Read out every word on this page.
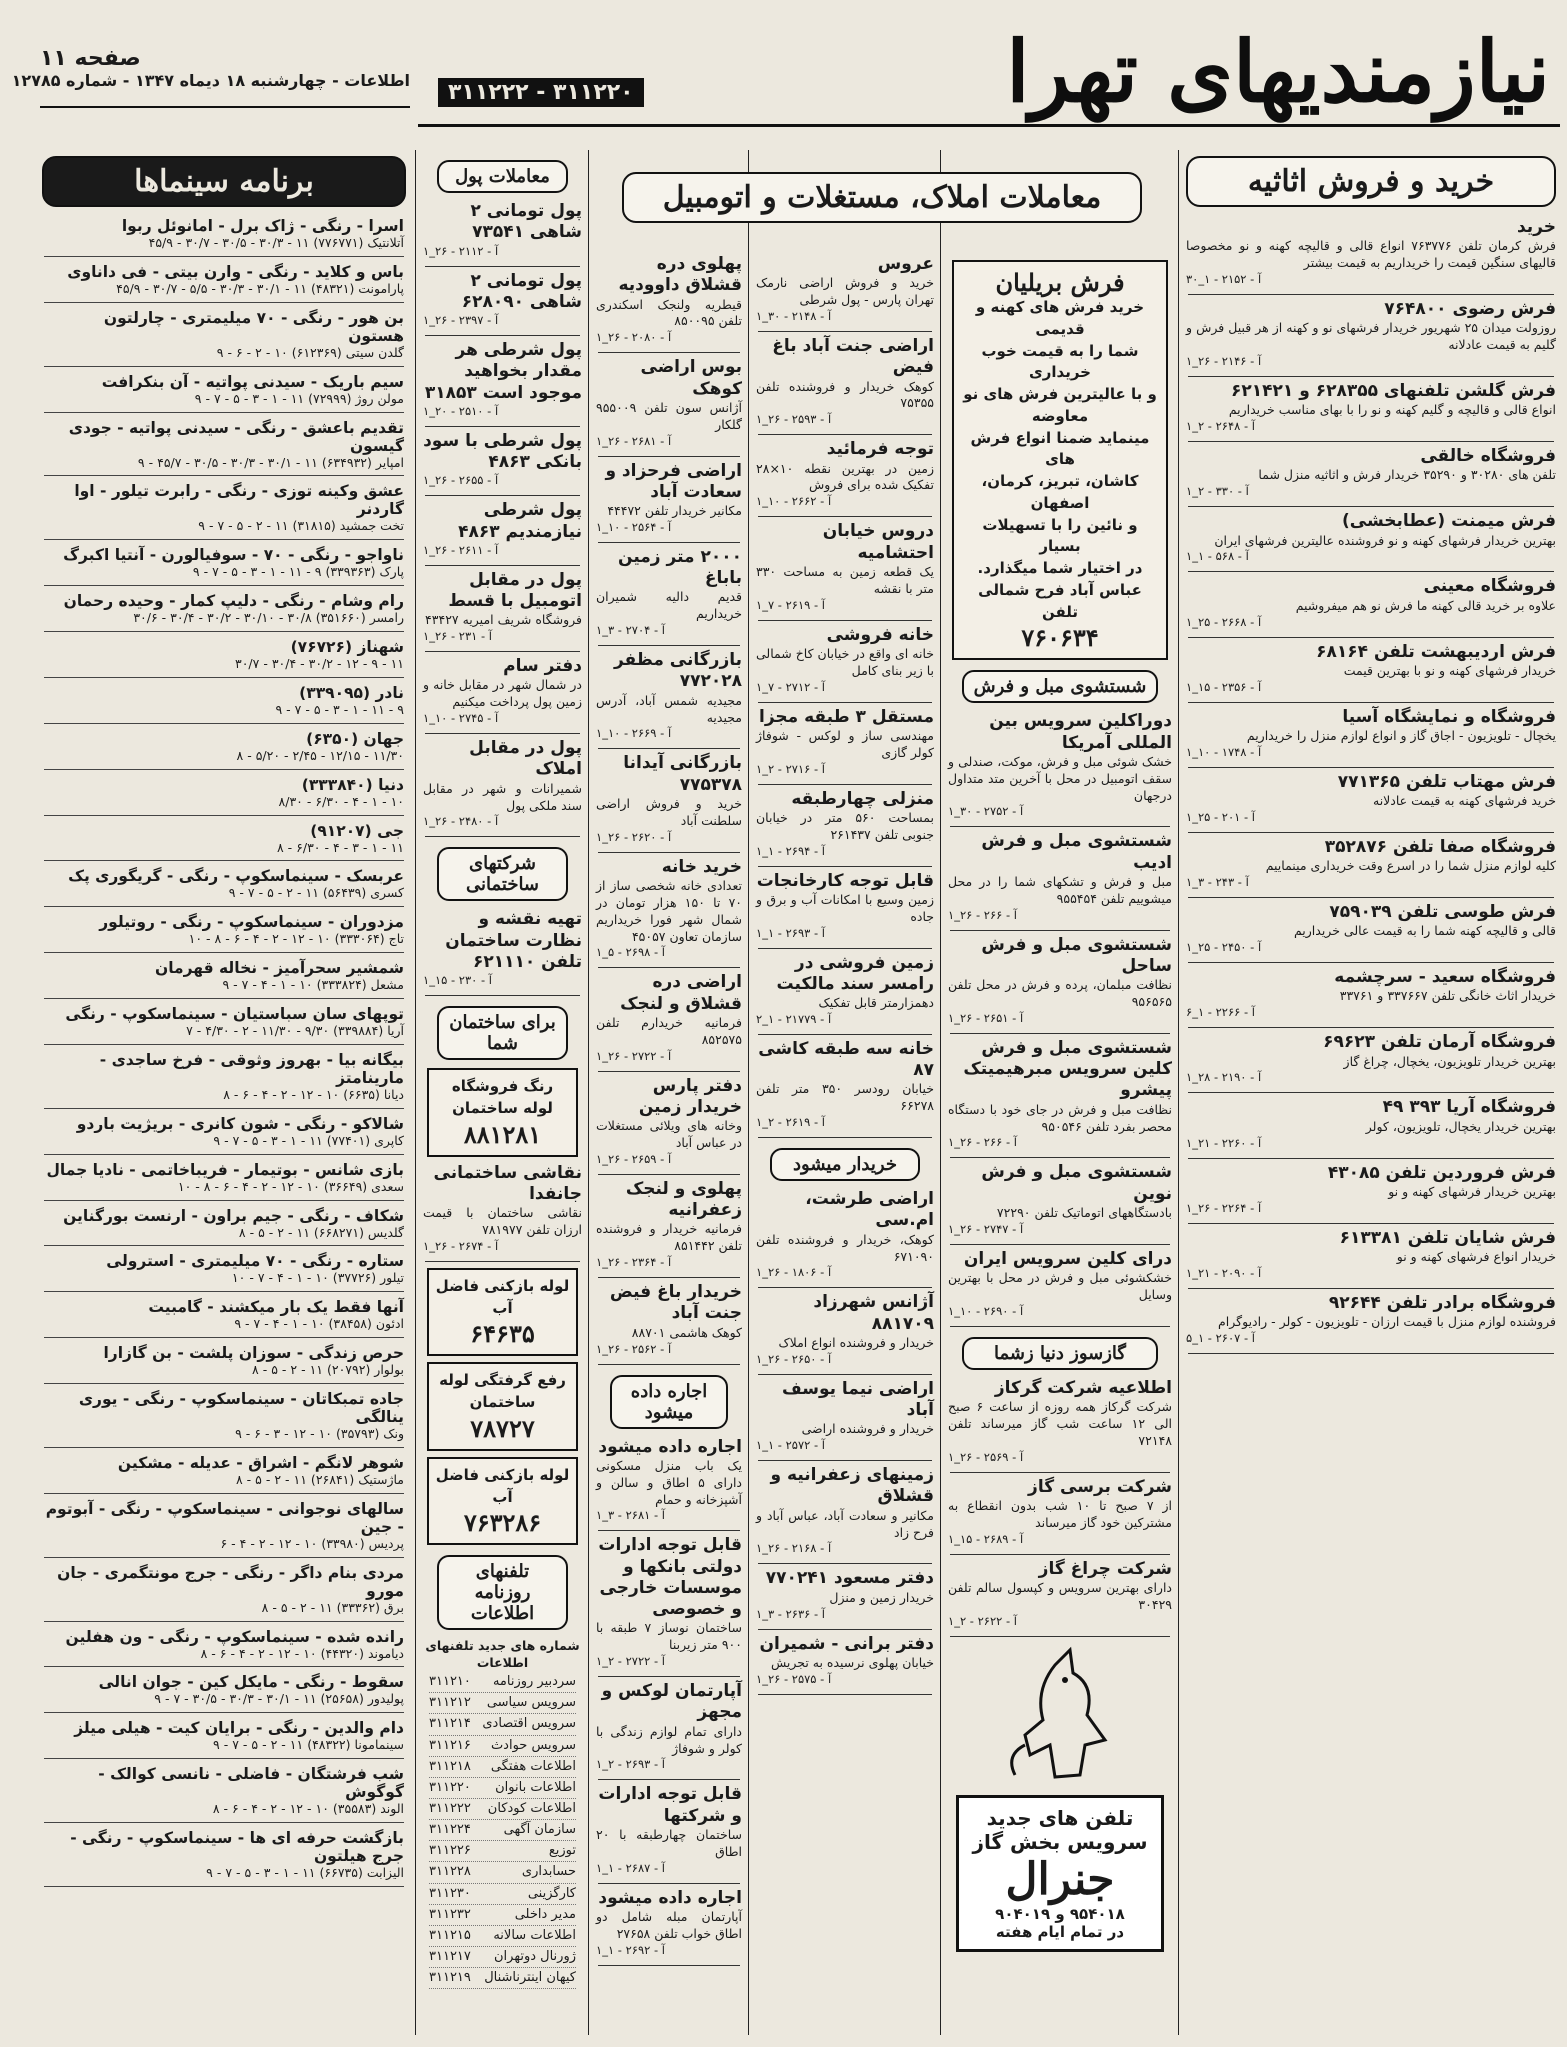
نیازمندیهای تهرا
۳۱۱۲۲۰ - ۳۱۱۲۲۲
صفحه ۱۱
اطلاعات - چهارشنبه ۱۸ دیماه ۱۳۴۷ - شماره ۱۲۷۸۵
خرید و فروش اثاثیه
خرید
فرش کرمان تلفن ۷۶۳۷۷۶ انواع قالی و قالیچه کهنه و نو مخصوصا قالیهای سنگین قیمت را خریداریم به قیمت بیشتر
آ - ۲۱۵۲ - ۱_۳۰
فرش رضوی ۷۶۴۸۰۰
روزولت میدان ۲۵ شهریور خریدار فرشهای نو و کهنه از هر قبیل فرش و گلیم به قیمت عادلانه
آ - ۲۱۴۶ - ۲۶_۱
فرش گلشن تلفنهای ۶۲۸۳۵۵ و ۶۲۱۴۲۱
انواع قالی و قالیچه و گلیم کهنه و نو را با بهای مناسب خریداریم
آ - ۲۶۴۸ - ۲_۱
فروشگاه خالقی
تلفن های ۳۰۲۸۰ و ۳۵۲۹۰ خریدار فرش و اثاثیه منزل شما
آ - ۳۳۰ - ۲_۱
فرش میمنت (عطابخشی)
بهترین خریدار فرشهای کهنه و نو فروشنده عالیترین فرشهای ایران
آ - ۵۶۸ - ۱_۱
فروشگاه معینی
علاوه بر خرید قالی کهنه ما فرش نو هم میفروشیم
آ - ۲۶۶۸ - ۲۵_۱
فرش اردیبهشت تلفن ۶۸۱۶۴
خریدار فرشهای کهنه و نو با بهترین قیمت
آ - ۲۳۵۶ - ۱۵_۱
فروشگاه و نمایشگاه آسیا
یخچال - تلویزیون - اجاق گاز و انواع لوازم منزل را خریداریم
آ - ۱۷۴۸ - ۱۰_۱
فرش مهتاب تلفن ۷۷۱۳۶۵
خرید فرشهای کهنه به قیمت عادلانه
آ - ۲۰۱ - ۲۵_۱
فروشگاه صفا تلفن ۳۵۲۸۷۶
کلیه لوازم منزل شما را در اسرع وقت خریداری مینماییم
آ - ۲۴۳ - ۳_۱
فرش طوسی تلفن ۷۵۹۰۳۹
قالی و قالیچه کهنه شما را به قیمت عالی خریداریم
آ - ۲۴۵۰ - ۲۵_۱
فروشگاه سعید - سرچشمه
خریدار اثاث خانگی تلفن ۳۳۷۶۶۷ و ۳۳۷۶۱
آ - ۲۲۶۶ - ۱_۶
فروشگاه آرمان تلفن ۶۹۶۲۳
بهترین خریدار تلویزیون، یخچال، چراغ گاز
آ - ۲۱۹۰ - ۲۸_۱
فروشگاه آریا ۳۹۳ ۴۹
بهترین خریدار یخچال، تلویزیون، کولر
آ - ۲۲۶۰ - ۲۱_۱
فرش فروردین تلفن ۴۳۰۸۵
بهترین خریدار فرشهای کهنه و نو
آ - ۲۲۶۴ - ۲۶_۱
فرش شایان تلفن ۶۱۳۳۸۱
خریدار انواع فرشهای کهنه و نو
آ - ۲۰۹۰ - ۲۱_۱
فروشگاه برادر تلفن ۹۲۶۴۴
فروشنده لوازم منزل با قیمت ارزان - تلویزیون - کولر - رادیوگرام
آ - ۲۶۰۷ - ۱_۵
فرش بریلیان
خرید فرش های کهنه و قدیمی
شما را به قیمت خوب خریداری
و با عالیترین فرش های نو معاوضه
مینماید ضمنا انواع فرش های
کاشان، تبریز، کرمان، اصفهان
و نائین را با تسهیلات بسیار
در اختیار شما میگذارد.
عباس آباد فرح شمالی تلفن
۷۶۰۶۳۴
شستشوی مبل و فرش
دوراکلین سرویس بین المللی آمریکا
خشک شوئی مبل و فرش، موکت، صندلی و سقف اتومبیل در محل با آخرین متد متداول درجهان
آ - ۲۷۵۲ - ۳۰_۱
شستشوی مبل و فرش ادیب
مبل و فرش و تشکهای شما را در محل میشوییم تلفن ۹۵۵۴۵۴
آ - ۲۶۶ - ۲۶_۱
شستشوی مبل و فرش ساحل
نظافت مبلمان، پرده و فرش در محل تلفن ۹۵۶۵۶۵
آ - ۲۶۵۱ - ۲۶_۱
شستشوی مبل و فرش کلین سرویس مبرهیمیتک پیشرو
نظافت مبل و فرش در جای خود با دستگاه محصر بفرد تلفن ۹۵۰۵۴۶
آ - ۲۶۶ - ۲۶_۱
شستشوی مبل و فرش نوین
بادستگاههای اتوماتیک تلفن ۷۲۲۹۰
آ - ۲۷۴۷ - ۲۶_۱
درای کلین سرویس ایران
خشکشوئی مبل و فرش در محل با بهترین وسایل
آ - ۲۶۹۰ - ۱۰_۱
گازسوز دنیا زشما
اطلاعیه شرکت گرکاز
شرکت گرکاز همه روزه از ساعت ۶ صبح الی ۱۲ ساعت شب گاز میرساند تلفن ۷۲۱۴۸
آ - ۲۵۶۹ - ۲۶_۱
شرکت برسی گاز
از ۷ صبح تا ۱۰ شب بدون انقطاع به مشترکین خود گاز میرساند
آ - ۲۶۸۹ - ۱۵_۱
شرکت چراغ گاز
دارای بهترین سرویس و کپسول سالم تلفن ۳۰۴۲۹
آ - ۲۶۲۲ - ۲_۱
تلفن های جدید سرویس بخش گاز
جنرال
۹۵۴۰۱۸ و ۹۰۴۰۱۹
در تمام ایام هفته
عروس
خرید و فروش اراضی نارمک تهران پارس - پول شرطی
آ - ۲۱۴۸ - ۳۰_۱
اراضی جنت آباد باغ فیض
کوهک خریدار و فروشنده تلفن ۷۵۳۵۵
آ - ۲۵۹۳ - ۲۶_۱
توجه فرمائید
زمین در بهترین نقطه ۱۰×۲۸ تفکیک شده برای فروش
آ - ۲۶۶۲ - ۱۰_۱
دروس خیابان احتشامیه
یک قطعه زمین به مساحت ۳۳۰ متر با نقشه
آ - ۲۶۱۹ - ۷_۱
خانه فروشی
خانه ای واقع در خیابان کاخ شمالی با زیر بنای کامل
آ - ۲۷۱۲ - ۷_۱
مستقل ۳ طبقه مجزا
مهندسی ساز و لوکس - شوفاژ کولر گازی
آ - ۲۷۱۶ - ۲_۱
منزلی چهارطبقه
بمساحت ۵۶۰ متر در خیابان جنوبی تلفن ۲۶۱۴۳۷
آ - ۲۶۹۴ - ۱_۱
قابل توجه کارخانجات
زمین وسیع با امکانات آب و برق و جاده
آ - ۲۶۹۳ - ۱_۱
زمین فروشی در رامسر سند مالکیت
دهمزارمتر قابل تفکیک
آ - ۲۱۷۷۹ - ۱_۲
خانه سه طبقه کاشی ۸۷
خیابان رودسر ۳۵۰ متر تلفن ۶۶۲۷۸
آ - ۲۶۱۹ - ۲_۱
خریدار میشود
اراضی طرشت، ام.سی
کوهک، خریدار و فروشنده تلفن ۶۷۱۰۹۰
آ - ۱۸۰۶ - ۲۶_۱
آژانس شهرزاد ۸۸۱۷۰۹
خریدار و فروشنده انواع املاک
آ - ۲۶۵۰ - ۲۶_۱
اراضی نیما یوسف آباد
خریدار و فروشنده اراضی
آ - ۲۵۷۲ - ۱_۱
زمینهای زعفرانیه و قشلاق
مکانیر و سعادت آباد، عباس آباد و فرح زاد
آ - ۲۱۶۸ - ۲۶_۱
دفتر مسعود ۷۷۰۲۴۱
خریدار زمین و منزل
آ - ۲۶۳۶ - ۳_۱
دفتر برانی - شمیران
خیابان پهلوی نرسیده به تجریش
آ - ۲۵۷۵ - ۲۶_۱
معاملات املاک، مستغلات و اتومبیل
پهلوی دره قشلاق داوودیه
قیطریه ولنجک اسکندری تلفن ۸۵۰۰۹۵
آ - ۲۰۸۰ - ۲۶_۱
بوس اراضی کوهک
آژانس سون تلفن ۹۵۵۰۰۹ گلکار
آ - ۲۶۸۱ - ۲۶_۱
اراضی فرحزاد و سعادت آباد
مکانیر خریدار تلفن ۴۴۴۷۲
آ - ۲۵۶۴ - ۱۰_۱
۲۰۰۰ متر زمین باباغ
قدیم دالیه شمیران خریداریم
آ - ۲۷۰۴ - ۳_۱
بازرگانی مظفر ۷۷۲۰۲۸
مجیدیه شمس آباد، آدرس مجیدیه
آ - ۲۶۶۹ - ۱۰_۱
بازرگانی آیدانا ۷۷۵۳۷۸
خرید و فروش اراضی سلطنت آباد
آ - ۲۶۲۰ - ۲۶_۱
خرید خانه
تعدادی خانه شخصی ساز از ۷۰ تا ۱۵۰ هزار تومان در شمال شهر فورا خریداریم سازمان تعاون ۴۵۰۵۷
آ - ۲۶۹۸ - ۵_۱
اراضی دره قشلاق و لنجک
فرمانیه خریدارم تلفن ۸۵۲۵۷۵
آ - ۲۷۲۲ - ۲۶_۱
دفتر پارس خریدار زمین
وخانه های ویلائی مستغلات در عباس آباد
آ - ۲۶۵۹ - ۲۶_۱
پهلوی و لنجک زعفرانیه
فرمانیه خریدار و فروشنده تلفن ۸۵۱۴۴۲
آ - ۲۳۶۴ - ۲۶_۱
خریدار باغ فیض جنت آباد
کوهک هاشمی ۸۸۷۰۱
آ - ۲۵۶۲ - ۲۶_۱
اجاره داده میشود
اجاره داده میشود
یک باب منزل مسکونی دارای ۵ اطاق و سالن و آشپزخانه و حمام
آ - ۲۶۸۱ - ۳_۱
قابل توجه ادارات دولتی بانکها و موسسات خارجی و خصوصی
ساختمان نوساز ۷ طبقه با ۹۰۰ متر زیربنا
آ - ۲۷۲۲ - ۲_۱
آپارتمان لوکس و مجهز
دارای تمام لوازم زندگی با کولر و شوفاژ
آ - ۲۶۹۳ - ۲_۱
قابل توجه ادارات و شرکتها
ساختمان چهارطبقه با ۲۰ اطاق
آ - ۲۶۸۷ - ۱_۱
اجاره داده میشود
آپارتمان مبله شامل دو اطاق خواب تلفن ۲۷۶۵۸
آ - ۲۶۹۲ - ۱_۱
معاملات پول
پول تومانی ۲ شاهی ۷۳۵۴۱
آ - ۲۱۱۲ - ۲۶_۱
پول تومانی ۲ شاهی ۶۲۸۰۹۰
آ - ۲۳۹۷ - ۲۶_۱
پول شرطی هر مقدار بخواهید موجود است ۳۱۸۵۳
آ - ۲۵۱۰ - ۲۰_۱
پول شرطی با سود بانکی ۴۸۶۳
آ - ۲۶۵۵ - ۲۶_۱
پول شرطی نیازمندیم ۴۸۶۳
آ - ۲۶۱۱ - ۲۶_۱
پول در مقابل اتومبیل با قسط
فروشگاه شریف امیریه ۴۳۴۲۷
آ - ۲۳۱ - ۲۶_۱
دفتر سام
در شمال شهر در مقابل خانه و زمین پول پرداخت میکنیم
آ - ۲۷۴۵ - ۱۰_۱
پول در مقابل املاک
شمیرانات و شهر در مقابل سند ملکی پول
آ - ۲۴۸۰ - ۲۶_۱
شرکتهای ساختمانی
تهیه نقشه و نظارت ساختمان تلفن ۶۲۱۱۱۰
آ - ۲۳۰ - ۱۵_۱
برای ساختمان شما
رنگ فروشگاه لوله ساختمان
۸۸۱۲۸۱
نقاشی ساختمانی جانفدا
نقاشی ساختمان با قیمت ارزان تلفن ۷۸۱۹۷۷
آ - ۲۶۷۴ - ۲۶_۱
لوله بازکنی فاضل آب
۶۴۶۳۵
رفع گرفتگی لوله ساختمان
۷۸۷۲۷
لوله بازکنی فاضل آب
۷۶۳۲۸۶
تلفنهای روزنامه اطلاعات
شماره های جدید تلفنهای اطلاعات
سردبیر روزنامه
۳۱۱۲۱۰
سرویس سیاسی
۳۱۱۲۱۲
سرویس اقتصادی
۳۱۱۲۱۴
سرویس حوادث
۳۱۱۲۱۶
اطلاعات هفتگی
۳۱۱۲۱۸
اطلاعات بانوان
۳۱۱۲۲۰
اطلاعات کودکان
۳۱۱۲۲۲
سازمان آگهی
۳۱۱۲۲۴
توزیع
۳۱۱۲۲۶
حسابداری
۳۱۱۲۲۸
کارگزینی
۳۱۱۲۳۰
مدیر داخلی
۳۱۱۲۳۲
اطلاعات سالانه
۳۱۱۲۱۵
ژورنال دوتهران
۳۱۱۲۱۷
کیهان اینترناشنال
۳۱۱۲۱۹
برنامه سینماها
اسرا - رنگی - ژاک برل - امانوئل ربوا
آتلانتیک (۷۷۶۷۷۱) ۱۱ - ۳۰/۳ - ۳۰/۵ - ۳۰/۷ - ۴۵/۹
باس و کلاید - رنگی - وارن بیتی - فی داناوی
پارامونت (۴۸۳۲۱) ۱۱ - ۳۰/۱ - ۳۰/۳ - ۵/۵ - ۳۰/۷ - ۴۵/۹
بن هور - رنگی - ۷۰ میلیمتری - چارلتون هستون
گلدن سیتی (۶۱۲۳۶۹) ۱۰ - ۲ - ۶ - ۹
سیم باریک - سیدنی پواتیه - آن بنکرافت
مولن روژ (۷۲۹۹۹) ۱۱ - ۱ - ۳ - ۵ - ۷ - ۹
تقدیم باعشق - رنگی - سیدنی پواتیه - جودی گیسون
امپایر (۶۳۴۹۳۲) ۱۱ - ۳۰/۱ - ۳۰/۳ - ۳۰/۵ - ۴۵/۷ - ۹
عشق وکینه توزی - رنگی - رابرت تیلور - اوا گاردنر
تخت جمشید (۳۱۸۱۵) ۱۱ - ۲ - ۵ - ۷ - ۹
ناواجو - رنگی - ۷۰ - سوفیالورن - آنتیا اکبرگ
پارک (۳۳۹۳۶۳) ۹ - ۱۱ - ۱ - ۳ - ۵ - ۷ - ۹
رام وشام - رنگی - دلیپ کمار - وحیده رحمان
رامسر (۳۵۱۶۶۰) ۳۰/۸ - ۳۰/۱۰ - ۳۰/۲ - ۳۰/۴ - ۳۰/۶
شهناز (۷۶۷۲۶)
۱۱ - ۹ - ۱۲ - ۳۰/۲ - ۳۰/۴ - ۳۰/۷
نادر (۳۳۹۰۹۵)
۹ - ۱۱ - ۱ - ۳ - ۵ - ۷ - ۹
جهان (۶۳۵۰)
۱۱/۳۰ - ۱۲/۱۵ - ۲/۴۵ - ۵/۲۰ - ۸
دنیا (۳۳۳۸۴۰)
۱۰ - ۱ - ۴ - ۶/۳۰ - ۸/۳۰
جی (۹۱۲۰۷)
۱۱ - ۱ - ۳ - ۴ - ۶/۳۰ - ۸
عربسک - سینماسکوپ - رنگی - گریگوری پک
کسری (۵۶۴۳۹) ۱۱ - ۲ - ۵ - ۷ - ۹
مزدوران - سینماسکوپ - رنگی - روتیلور
تاج (۳۳۳۰۶۴) ۱۰ - ۱۲ - ۲ - ۴ - ۶ - ۸ - ۱۰
شمشیر سحرآمیز - نخاله قهرمان
مشعل (۳۳۳۸۲۴) ۱۰ - ۱ - ۴ - ۷ - ۹
توپهای سان سباستیان - سینماسکوپ - رنگی
آریا (۳۳۹۸۸۴) ۹/۳۰ - ۱۱/۳۰ - ۲ - ۴/۳۰ - ۷
بیگانه بیا - بهروز وثوقی - فرخ ساجدی - مارینامتز
دیانا (۶۶۳۵) ۱۰ - ۱۲ - ۲ - ۴ - ۶ - ۸
شالاکو - رنگی - شون کانری - بریژیت باردو
کاپری (۷۷۴۰۱) ۱۱ - ۱ - ۳ - ۵ - ۷ - ۹
بازی شانس - بوتیمار - فریباخاتمی - نادیا جمال
سعدی (۳۶۶۴۹) ۱۰ - ۱۲ - ۲ - ۴ - ۶ - ۸ - ۱۰
شکاف - رنگی - جیم براون - ارنست بورگناین
گلدیس (۶۶۸۲۷۱) ۱۱ - ۲ - ۵ - ۸
ستاره - رنگی - ۷۰ میلیمتری - استرولی
تیلور (۳۷۷۲۶) ۱۰ - ۱ - ۴ - ۷ - ۱۰
آنها فقط یک بار میکشند - گامبیت
ادئون (۳۸۴۵۸) ۱۰ - ۱ - ۴ - ۷ - ۹
حرص زندگی - سوزان پلشت - بن گازارا
بولوار (۲۰۷۹۲) ۱۱ - ۲ - ۵ - ۸
جاده تمبکاتان - سینماسکوپ - رنگی - یوری ینالگی
ونک (۳۵۷۹۳) ۱۰ - ۱۲ - ۳ - ۶ - ۹
شوهر لانگم - اشراق - عدیله - مشکین
ماژستیک (۲۶۸۴۱) ۱۱ - ۲ - ۵ - ۸
سالهای نوجوانی - سینماسکوپ - رنگی - آبوتوم - جین
پردیس (۳۳۹۸۰) ۱۰ - ۱۲ - ۲ - ۴ - ۶
مردی بنام داگر - رنگی - جرج مونتگمری - جان مورو
برق (۳۳۳۶۲) ۱۱ - ۲ - ۵ - ۸
رانده شده - سینماسکوپ - رنگی - ون هفلین
دیاموند (۴۴۳۲۰) ۱۰ - ۱۲ - ۲ - ۴ - ۶ - ۸
سقوط - رنگی - مایکل کین - جوان انالی
پولیدور (۲۵۶۵۸) ۱۱ - ۳۰/۱ - ۳۰/۳ - ۳۰/۵ - ۷ - ۹
دام والدین - رنگی - برایان کیت - هیلی میلز
سینمامونا (۴۸۳۲۲) ۱۱ - ۲ - ۵ - ۷ - ۹
شب فرشتگان - فاضلی - نانسی کوالک - گوگوش
الوند (۳۵۵۸۳) ۱۰ - ۱۲ - ۲ - ۴ - ۶ - ۸
بازگشت حرفه ای ها - سینماسکوپ - رنگی - جرج هیلتون
الیزابت (۶۶۷۳۵) ۱۱ - ۱ - ۳ - ۵ - ۷ - ۹
